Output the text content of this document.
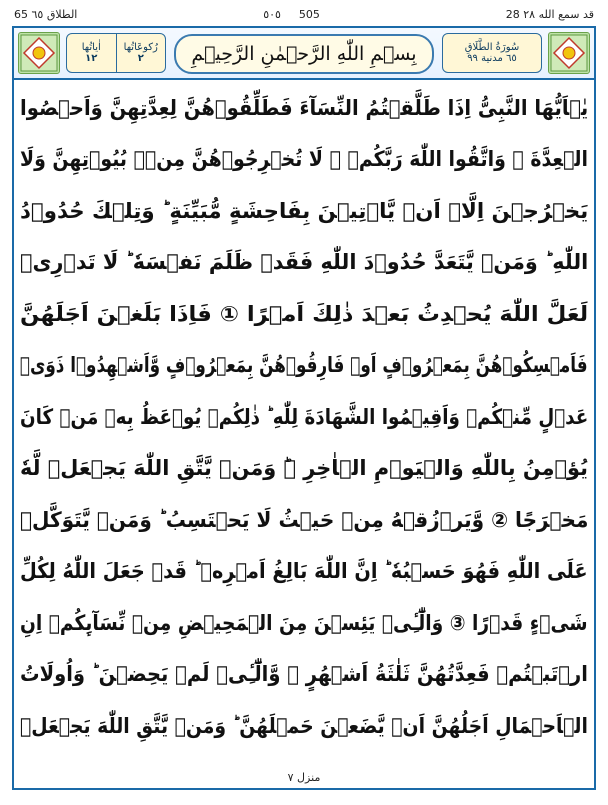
65 الطلاق ٦٥	٥٠٥ 505	28 قد سمع الله ٢٨
اٰیاتُها
١٢
رُکوعَاتُها
٢	بِسۡمِ اللّٰهِ الرَّحۡمٰنِ الرَّحِیۡمِ	سُورَةُ الطَّلَاقِ
٦٥ مدنية ٩٩
یٰۤاَیُّهَا النَّبِیُّ اِذَا طَلَّقۡتُمُ النِّسَآءَ فَطَلِّقُوۡهُنَّ لِعِدَّتِهِنَّ وَاَحۡصُوا
الۡعِدَّةَ ۚ وَاتَّقُوا اللّٰهَ رَبَّكُمۡ ۚ لَا تُخۡرِجُوۡهُنَّ مِنۡۢ بُیُوۡتِهِنَّ وَلَا
یَخۡرُجۡنَ اِلَّاۤ اَنۡ یَّاۡتِیۡنَ بِفَاحِشَةٍ مُّبَیِّنَةٍ ؕ وَتِلۡكَ حُدُوۡدُ
اللّٰهِ ؕ وَمَنۡ یَّتَعَدَّ حُدُوۡدَ اللّٰهِ فَقَدۡ ظَلَمَ نَفۡسَهٗ ؕ لَا تَدۡرِیۡ
لَعَلَّ اللّٰهَ یُحۡدِثُ بَعۡدَ ذٰلِكَ اَمۡرًا ① فَاِذَا بَلَغۡنَ اَجَلَهُنَّ
فَاَمۡسِكُوۡهُنَّ بِمَعۡرُوۡفٍ اَوۡ فَارِقُوۡهُنَّ بِمَعۡرُوۡفٍ وَّاَشۡهِدُوۡا ذَوَیۡ
عَدۡلٍ مِّنۡكُمۡ وَاَقِیۡمُوا الشَّهَادَةَ لِلّٰهِ ؕ ذٰلِكُمۡ یُوۡعَظُ بِهٖ مَنۡ كَانَ
یُؤۡمِنُ بِاللّٰهِ وَالۡیَوۡمِ الۡاٰخِرِ ۬ؕ وَمَنۡ یَّتَّقِ اللّٰهَ یَجۡعَلۡ لَّهٗ
مَخۡرَجًا ② وَّیَرۡزُقۡهُ مِنۡ حَیۡثُ لَا یَحۡتَسِبُ ؕ وَمَنۡ یَّتَوَكَّلۡ
عَلَی اللّٰهِ فَهُوَ حَسۡبُهٗ ؕ اِنَّ اللّٰهَ بَالِغُ اَمۡرِهٖ ؕ قَدۡ جَعَلَ اللّٰهُ لِكُلِّ
شَیۡءٍ قَدۡرًا ③ وَالّٰٓـِٔیۡ یَئِسۡنَ مِنَ الۡمَحِیۡضِ مِنۡ نِّسَآىِٕكُمۡ اِنِ
ارۡتَبۡتُمۡ فَعِدَّتُهُنَّ ثَلٰثَةُ اَشۡهُرٍ ۙ وَّالّٰٓـِٔیۡ لَمۡ یَحِضۡنَ ؕ وَاُولَاتُ
الۡاَحۡمَالِ اَجَلُهُنَّ اَنۡ یَّضَعۡنَ حَمۡلَهُنَّ ؕ وَمَنۡ یَّتَّقِ اللّٰهَ یَجۡعَلۡ
منزل ٧
